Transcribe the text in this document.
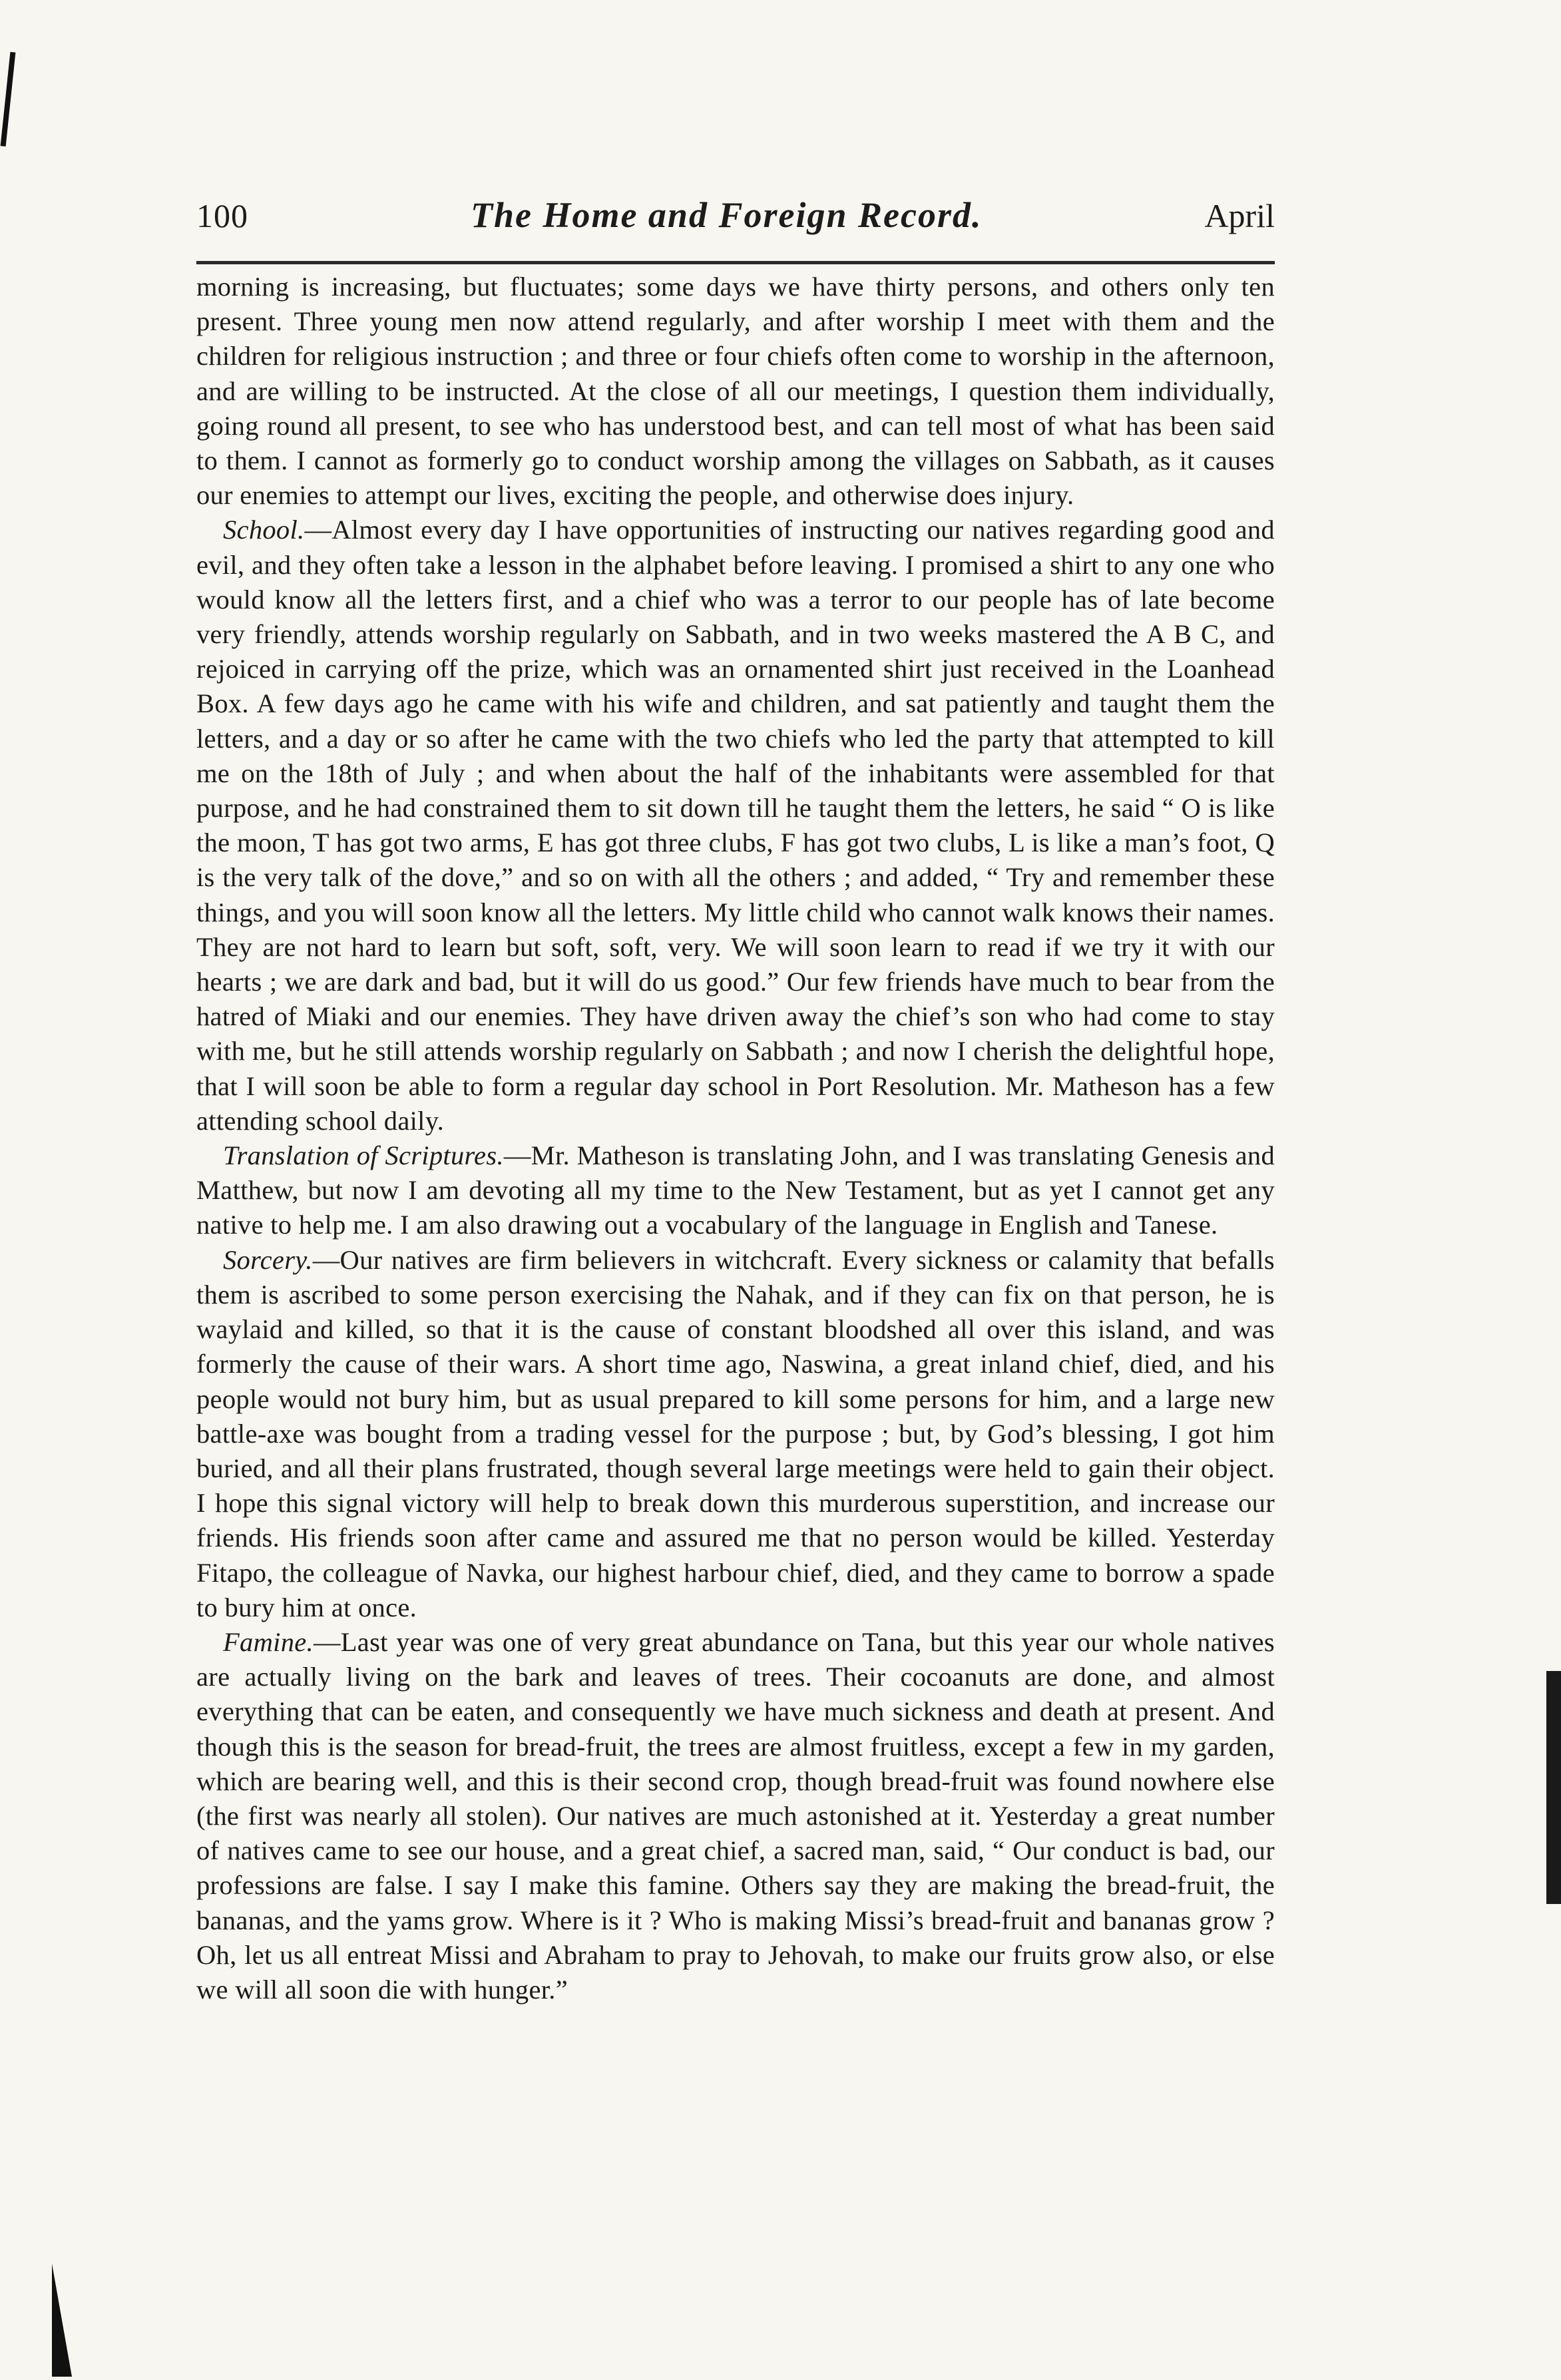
100	The Home and Foreign Record.	April

morning is increasing, but fluctuates; some days we have thirty persons, and others only ten present. Three young men now attend regularly, and after worship I meet with them and the children for religious instruction ; and three or four chiefs often come to worship in the afternoon, and are willing to be instructed. At the close of all our meetings, I question them individually, going round all present, to see who has understood best, and can tell most of what has been said to them. I cannot as formerly go to conduct worship among the villages on Sabbath, as it causes our enemies to attempt our lives, exciting the people, and otherwise does injury.

School.—Almost every day I have opportunities of instructing our natives regarding good and evil, and they often take a lesson in the alphabet before leaving. I promised a shirt to any one who would know all the letters first, and a chief who was a terror to our people has of late become very friendly, attends worship regularly on Sabbath, and in two weeks mastered the A B C, and rejoiced in carrying off the prize, which was an ornamented shirt just received in the Loanhead Box. A few days ago he came with his wife and children, and sat patiently and taught them the letters, and a day or so after he came with the two chiefs who led the party that attempted to kill me on the 18th of July ; and when about the half of the inhabitants were assembled for that purpose, and he had constrained them to sit down till he taught them the letters, he said “ O is like the moon, T has got two arms, E has got three clubs, F has got two clubs, L is like a man’s foot, Q is the very talk of the dove,” and so on with all the others ; and added, “ Try and remember these things, and you will soon know all the letters. My little child who cannot walk knows their names. They are not hard to learn but soft, soft, very. We will soon learn to read if we try it with our hearts ; we are dark and bad, but it will do us good.” Our few friends have much to bear from the hatred of Miaki and our enemies. They have driven away the chief’s son who had come to stay with me, but he still attends worship regularly on Sabbath ; and now I cherish the delightful hope, that I will soon be able to form a regular day school in Port Resolution. Mr. Matheson has a few attending school daily.

Translation of Scriptures.—Mr. Matheson is translating John, and I was translating Genesis and Matthew, but now I am devoting all my time to the New Testament, but as yet I cannot get any native to help me. I am also drawing out a vocabulary of the language in English and Tanese.

Sorcery.—Our natives are firm believers in witchcraft. Every sickness or calamity that befalls them is ascribed to some person exercising the Nahak, and if they can fix on that person, he is waylaid and killed, so that it is the cause of constant bloodshed all over this island, and was formerly the cause of their wars. A short time ago, Naswina, a great inland chief, died, and his people would not bury him, but as usual prepared to kill some persons for him, and a large new battle-axe was bought from a trading vessel for the purpose ; but, by God’s blessing, I got him buried, and all their plans frustrated, though several large meetings were held to gain their object. I hope this signal victory will help to break down this murderous superstition, and increase our friends. His friends soon after came and assured me that no person would be killed. Yesterday Fitapo, the colleague of Navka, our highest harbour chief, died, and they came to borrow a spade to bury him at once.

Famine.—Last year was one of very great abundance on Tana, but this year our whole natives are actually living on the bark and leaves of trees. Their cocoanuts are done, and almost everything that can be eaten, and consequently we have much sickness and death at present. And though this is the season for bread-fruit, the trees are almost fruitless, except a few in my garden, which are bearing well, and this is their second crop, though bread-fruit was found nowhere else (the first was nearly all stolen). Our natives are much astonished at it. Yesterday a great number of natives came to see our house, and a great chief, a sacred man, said, “ Our conduct is bad, our professions are false. I say I make this famine. Others say they are making the bread-fruit, the bananas, and the yams grow. Where is it ? Who is making Missi’s bread-fruit and bananas grow ? Oh, let us all entreat Missi and Abraham to pray to Jehovah, to make our fruits grow also, or else we will all soon die with hunger.”
